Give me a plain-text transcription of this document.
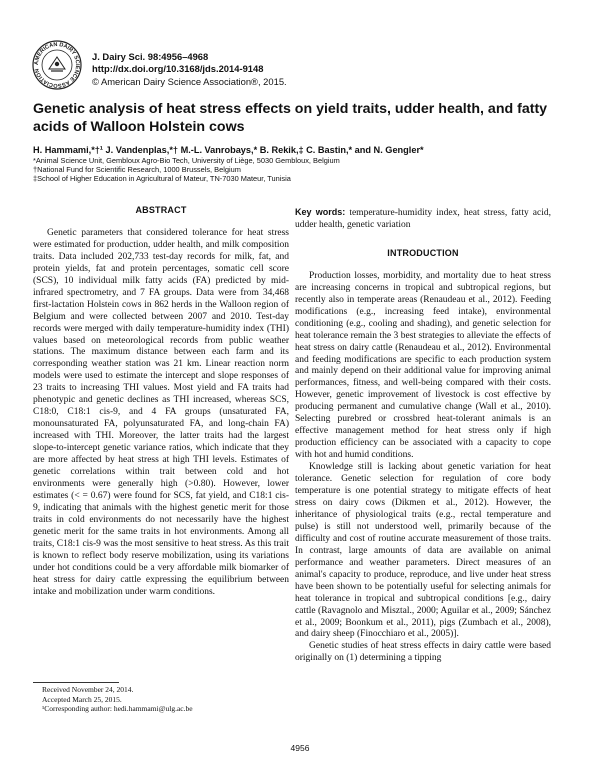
AMERICAN DAIRY SCIENCE ASSOCIATION
J. Dairy Sci. 98:4956–4968
http://dx.doi.org/10.3168/jds.2014-9148
© American Dairy Science Association®, 2015.
Genetic analysis of heat stress effects on yield traits, udder health, and fatty acids of Walloon Holstein cows
H. Hammami,*†¹ J. Vandenplas,*† M.-L. Vanrobays,* B. Rekik,‡ C. Bastin,* and N. Gengler*
*Animal Science Unit, Gembloux Agro-Bio Tech, University of Liège, 5030 Gembloux, Belgium
†National Fund for Scientific Research, 1000 Brussels, Belgium
‡School of Higher Education in Agricultural of Mateur, TN-7030 Mateur, Tunisia
ABSTRACT

Genetic parameters that considered tolerance for heat stress were estimated for production, udder health, and milk composition traits. Data included 202,733 test-day records for milk, fat, and protein yields, fat and protein percentages, somatic cell score (SCS), 10 individual milk fatty acids (FA) predicted by mid-infrared spectrometry, and 7 FA groups. Data were from 34,468 first-lactation Holstein cows in 862 herds in the Walloon region of Belgium and were collected between 2007 and 2010. Test-day records were merged with daily temperature-humidity index (THI) values based on meteorological records from public weather stations. The maximum distance between each farm and its corresponding weather station was 21 km. Linear reaction norm models were used to estimate the intercept and slope responses of 23 traits to increasing THI values. Most yield and FA traits had phenotypic and genetic declines as THI increased, whereas SCS, C18:0, C18:1 cis-9, and 4 FA groups (unsaturated FA, monounsaturated FA, polyunsaturated FA, and long-chain FA) increased with THI. Moreover, the latter traits had the largest slope-to-intercept genetic variance ratios, which indicate that they are more affected by heat stress at high THI levels. Estimates of genetic correlations within trait between cold and hot environments were generally high (>0.80). However, lower estimates (< = 0.67) were found for SCS, fat yield, and C18:1 cis-9, indicating that animals with the highest genetic merit for those traits in cold environments do not necessarily have the highest genetic merit for the same traits in hot environments. Among all traits, C18:1 cis-9 was the most sensitive to heat stress. As this trait is known to reflect body reserve mobilization, using its variations under hot conditions could be a very affordable milk biomarker of heat stress for dairy cattle expressing the equilibrium between intake and mobilization under warm conditions.

Key words: temperature-humidity index, heat stress, fatty acid, udder health, genetic variation
INTRODUCTION

Production losses, morbidity, and mortality due to heat stress are increasing concerns in tropical and subtropical regions, but recently also in temperate areas (Renaudeau et al., 2012). Feeding modifications (e.g., increasing feed intake), environmental conditioning (e.g., cooling and shading), and genetic selection for heat tolerance remain the 3 best strategies to alleviate the effects of heat stress on dairy cattle (Renaudeau et al., 2012). Environmental and feeding modifications are specific to each production system and mainly depend on their additional value for improving animal performances, fitness, and well-being compared with their costs. However, genetic improvement of livestock is cost effective by producing permanent and cumulative change (Wall et al., 2010). Selecting purebred or crossbred heat-tolerant animals is an effective management method for heat stress only if high production efficiency can be associated with a capacity to cope with hot and humid conditions.

Knowledge still is lacking about genetic variation for heat tolerance. Genetic selection for regulation of core body temperature is one potential strategy to mitigate effects of heat stress on dairy cows (Dikmen et al., 2012). However, the inheritance of physiological traits (e.g., rectal temperature and pulse) is still not understood well, primarily because of the difficulty and cost of routine accurate measurement of those traits. In contrast, large amounts of data are available on animal performance and weather parameters. Direct measures of an animal's capacity to produce, reproduce, and live under heat stress have been shown to be potentially useful for selecting animals for heat tolerance in tropical and subtropical conditions [e.g., dairy cattle (Ravagnolo and Misztal., 2000; Aguilar et al., 2009; Sánchez et al., 2009; Boonkum et al., 2011), pigs (Zumbach et al., 2008), and dairy sheep (Finocchiaro et al., 2005)].

Genetic studies of heat stress effects in dairy cattle were based originally on (1) determining a tipping

Received November 24, 2014.
Accepted March 25, 2015.
¹Corresponding author: hedi.hammami@ulg.ac.be
4956
